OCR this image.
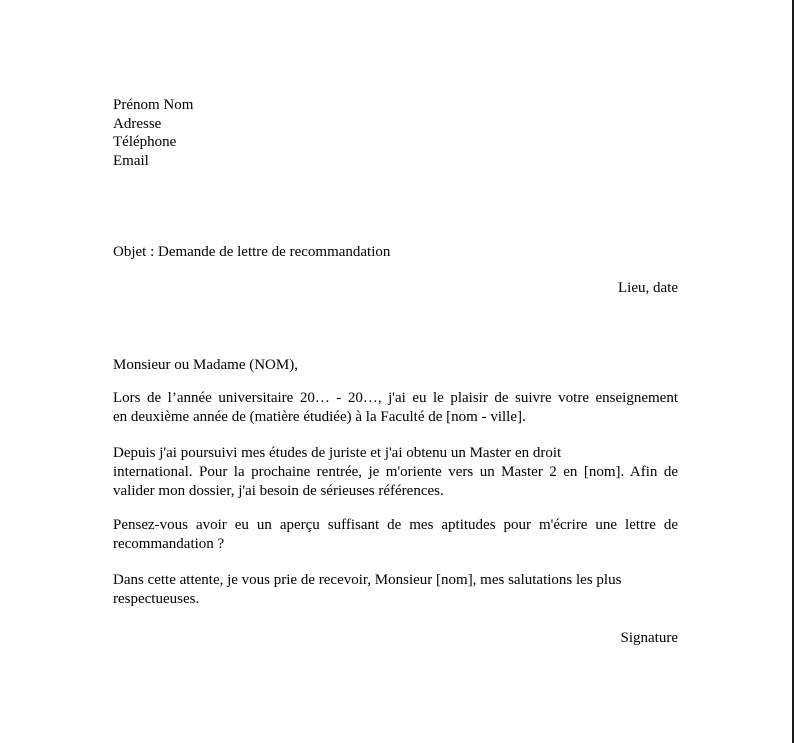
Prénom Nom
Adresse
Téléphone
Email
Objet : Demande de lettre de recommandation
Lieu, date
Monsieur ou Madame (NOM),
Lors de l’année universitaire 20… - 20…, j'ai eu le plaisir de suivre votre enseignement
en deuxième année de (matière étudiée) à la Faculté de [nom - ville].
Depuis j'ai poursuivi mes études de juriste et j'ai obtenu un Master en droit
international. Pour la prochaine rentrée, je m'oriente vers un Master 2 en [nom]. Afin de
valider mon dossier, j'ai besoin de sérieuses références.
Pensez-vous avoir eu un aperçu suffisant de mes aptitudes pour m'écrire une lettre de
recommandation ?
Dans cette attente, je vous prie de recevoir, Monsieur [nom], mes salutations les plus
respectueuses.
Signature
